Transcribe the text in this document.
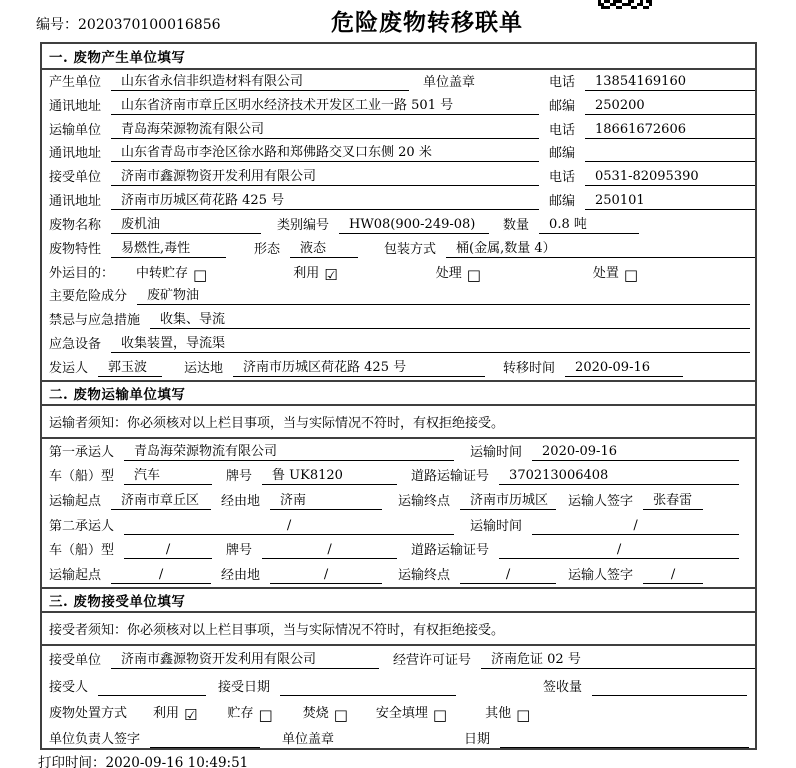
编号：2020370100016856	危险废物转移联单
一. 废物产生单位填写
产生单位	山东省永信非织造材料有限公司	单位盖章	电话	13854169160
通讯地址	山东省济南市章丘区明水经济技术开发区工业一路 501 号	邮编	250200
运输单位	青岛海荣源物流有限公司	电话	18661672606
通讯地址	山东省青岛市李沧区徐水路和郑佛路交叉口东侧 20 米	邮编
接受单位	济南市鑫源物资开发利用有限公司	电话	0531-82095390
通讯地址	济南市历城区荷花路 425 号	邮编	250101
废物名称	废机油	类别编号	HW08(900-249-08)	数量	0.8 吨
废物特性	易燃性,毒性	形态	液态	包装方式	桶(金属,数量 4）
外运目的： 中转贮存 □	利用 ☑	处理 □	处置 □
主要危险成分	废矿物油
禁忌与应急措施	收集、导流
应急设备	收集装置，导流渠
发运人	郭玉波	运达地	济南市历城区荷花路 425 号	转移时间	2020-09-16
二. 废物运输单位填写
运输者须知：你必须核对以上栏目事项，当与实际情况不符时，有权拒绝接受。
第一承运人	青岛海荣源物流有限公司	运输时间	2020-09-16
车（船）型	汽车	牌号	鲁 UK8120	道路运输证号	370213006408
运输起点	济南市章丘区	经由地	济南	运输终点	济南市历城区	运输人签字	张春雷
第二承运人	/	运输时间	/
车（船）型	/	牌号	/	道路运输证号	/
运输起点	/	经由地	/	运输终点	/	运输人签字	/
三. 废物接受单位填写
接受者须知：你必须核对以上栏目事项，当与实际情况不符时，有权拒绝接受。
接受单位	济南市鑫源物资开发利用有限公司	经营许可证号	济南危证 02 号
接受人	接受日期	签收量
废物处置方式 利用 ☑ 贮存 □ 焚烧 □ 安全填埋 □	其他 □
单位负责人签字	单位盖章	日期
打印时间：2020-09-16 10:49:51
